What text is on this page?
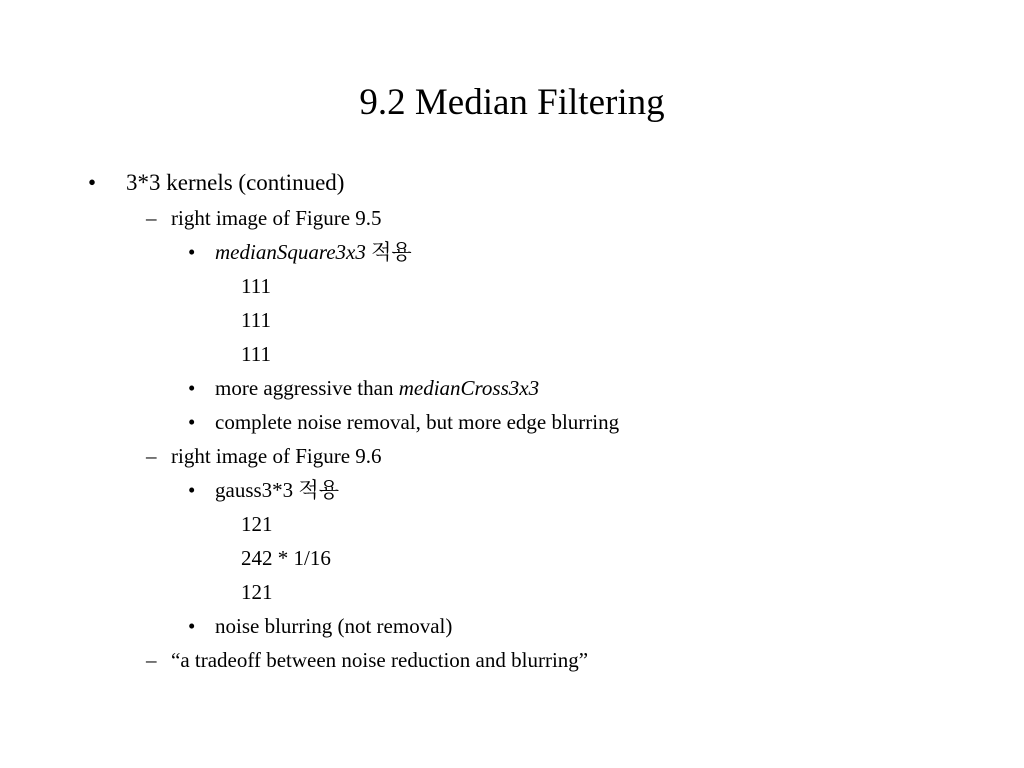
9.2 Median Filtering
• 3*3 kernels (continued)
– right image of Figure 9.5
• medianSquare3x3 적용
111
111
111
• more aggressive than medianCross3x3
• complete noise removal, but more edge blurring
– right image of Figure 9.6
• gauss3*3 적용
121
242 * 1/16
121
• noise blurring (not removal)
– “a tradeoff between noise reduction and blurring”
